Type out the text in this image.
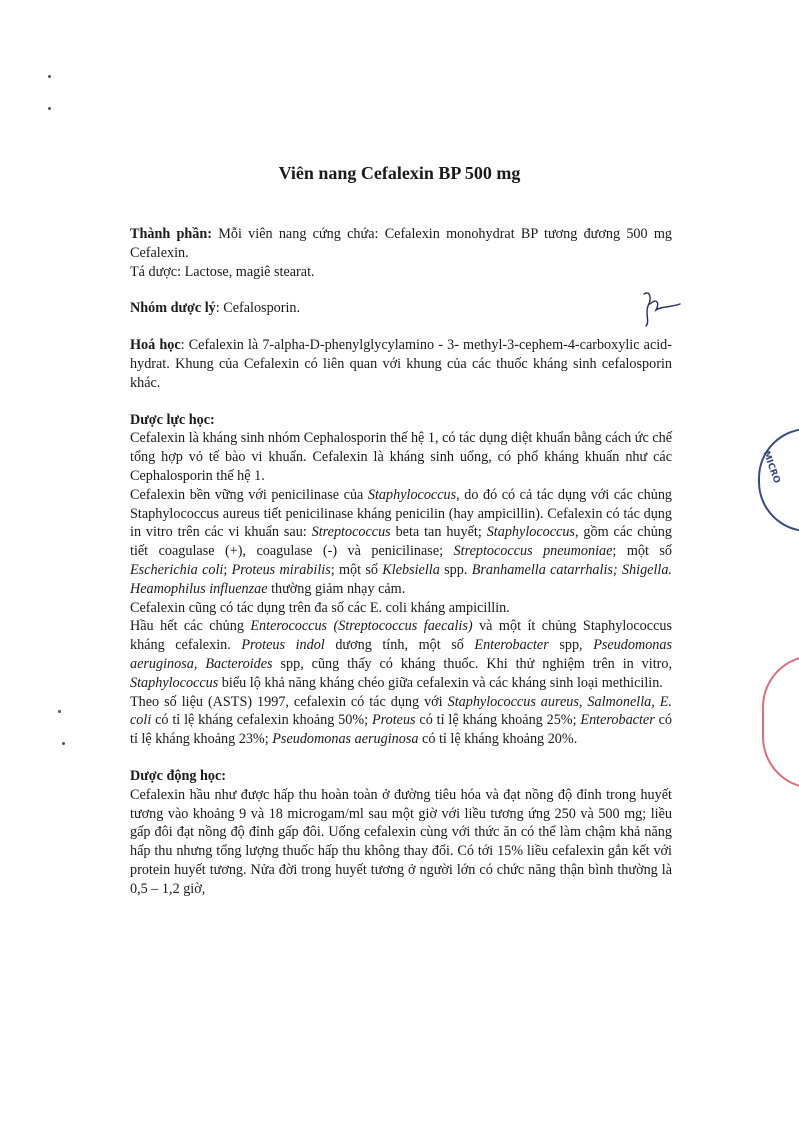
Viên nang Cefalexin BP 500 mg
MICRO

Thành phần: Mỗi viên nang cứng chứa: Cefalexin monohydrat BP tương đương 500 mg Cefalexin.

Tá dược: Lactose, magiê stearat.

Nhóm dược lý: Cefalosporin.

Hoá học: Cefalexin là 7-alpha-D-phenylglycylamino - 3- methyl-3-cephem-4-carboxylic acid-hydrat. Khung của Cefalexin có liên quan với khung của các thuốc kháng sinh cefalosporin khác.

Dược lực học:

Cefalexin là kháng sinh nhóm Cephalosporin thế hệ 1, có tác dụng diệt khuẩn bằng cách ức chế tổng hợp vỏ tế bào vi khuẩn. Cefalexin là kháng sinh uống, có phổ kháng khuẩn như các Cephalosporin thế hệ 1.

Cefalexin bền vững với penicilinase của Staphylococcus, do đó có cả tác dụng với các chủng Staphylococcus aureus tiết penicilinase kháng penicilin (hay ampicillin). Cefalexin có tác dụng in vitro trên các vi khuẩn sau: Streptococcus beta tan huyết; Staphylococcus, gồm các chủng tiết coagulase (+), coagulase (-) và penicilinase; Streptococcus pneumoniae; một số Escherichia coli; Proteus mirabilis; một số Klebsiella spp. Branhamella catarrhalis; Shigella. Heamophilus influenzae thường giảm nhạy cảm.

Cefalexin cũng có tác dụng trên đa số các E. coli kháng ampicillin.

Hầu hết các chủng Enterococcus (Streptococcus faecalis) và một ít chủng Staphylococcus kháng cefalexin. Proteus indol dương tính, một số Enterobacter spp, Pseudomonas aeruginosa, Bacteroides spp, cũng thấy có kháng thuốc. Khi thử nghiệm trên in vitro, Staphylococcus biểu lộ khả năng kháng chéo giữa cefalexin và các kháng sinh loại methicilin.

Theo số liệu (ASTS) 1997, cefalexin có tác dụng với Staphylococcus aureus, Salmonella, E. coli có tỉ lệ kháng cefalexin khoảng 50%; Proteus có tỉ lệ kháng khoảng 25%; Enterobacter có tỉ lệ kháng khoảng 23%; Pseudomonas aeruginosa có tỉ lệ kháng khoảng 20%.

Dược động học:

Cefalexin hầu như được hấp thu hoàn toàn ở đường tiêu hóa và đạt nồng độ đỉnh trong huyết tương vào khoảng 9 và 18 microgam/ml sau một giờ với liều tương ứng 250 và 500 mg; liều gấp đôi đạt nồng độ đỉnh gấp đôi. Uống cefalexin cùng với thức ăn có thể làm chậm khả năng hấp thu nhưng tổng lượng thuốc hấp thu không thay đổi. Có tới 15% liều cefalexin gắn kết với protein huyết tương. Nửa đời trong huyết tương ở người lớn có chức năng thận bình thường là 0,5 – 1,2 giờ,
